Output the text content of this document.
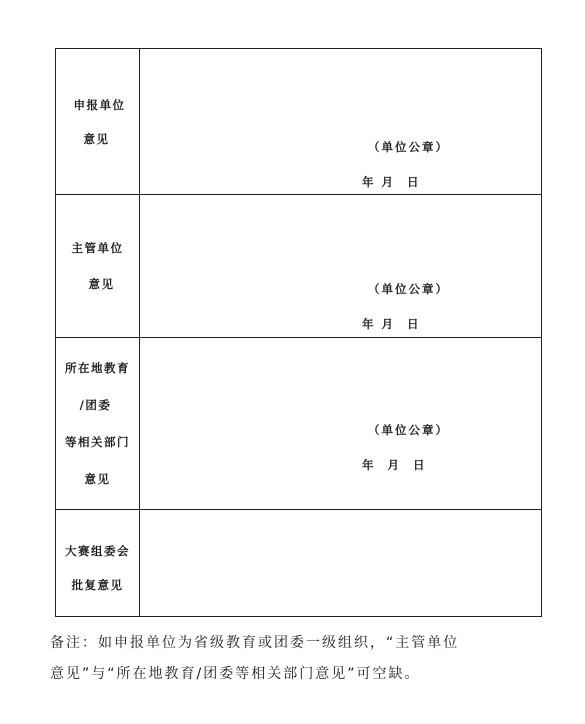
申报单位
意见	（单位公章）
年 月  日

主管单位
意见	（单位公章）
年 月  日

所在地教育
/团委
等相关部门
意见	（单位公章）
年  月  日

大赛组委会
批复意见	

备注：如申报单位为省级教育或团委一级组织，“主管单位
意见”与“所在地教育/团委等相关部门意见”可空缺。
